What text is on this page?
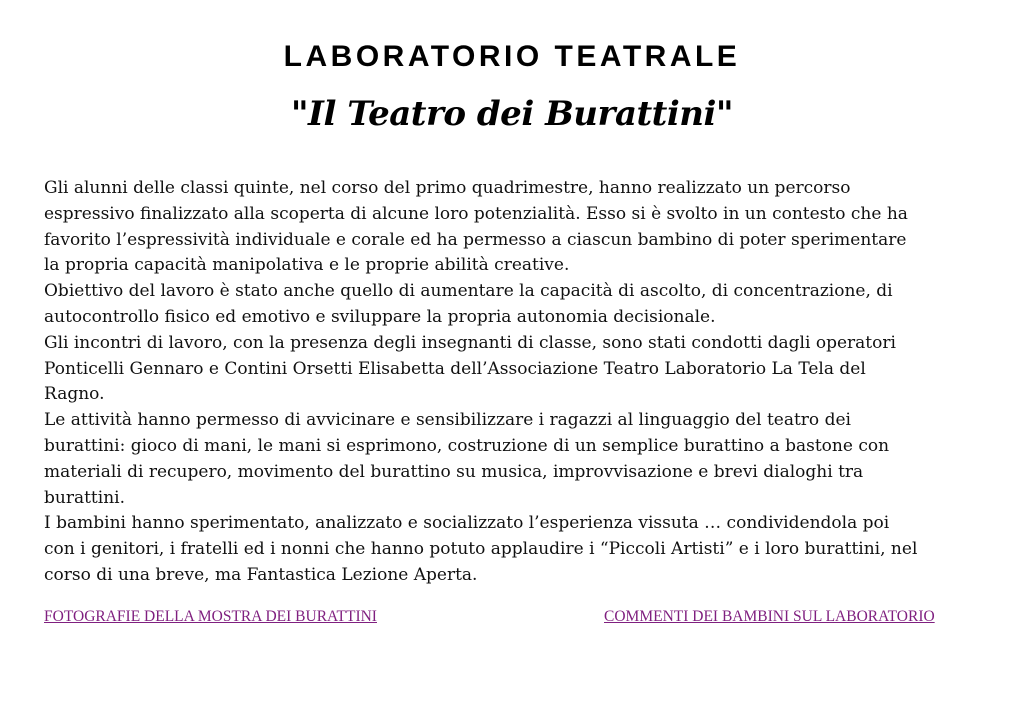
LABORATORIO TEATRALE
"Il Teatro dei Burattini"
Gli alunni delle classi quinte, nel corso del primo quadrimestre, hanno realizzato un percorso
espressivo finalizzato alla scoperta di alcune loro potenzialità. Esso si è svolto in un contesto che ha
favorito l’espressività individuale e corale ed ha permesso a ciascun bambino di poter sperimentare
la propria capacità manipolativa e le proprie abilità creative.
Obiettivo del lavoro è stato anche quello di aumentare la capacità di ascolto, di concentrazione, di
autocontrollo fisico ed emotivo e sviluppare la propria autonomia decisionale.
Gli incontri di lavoro, con la presenza degli insegnanti di classe, sono stati condotti dagli operatori
Ponticelli Gennaro e Contini Orsetti Elisabetta dell’Associazione Teatro Laboratorio La Tela del
Ragno.
Le attività hanno permesso di avvicinare e sensibilizzare i ragazzi al linguaggio del teatro dei
burattini: gioco di mani, le mani si esprimono, costruzione di un semplice burattino a bastone con
materiali di recupero, movimento del burattino su musica, improvvisazione e brevi dialoghi tra
burattini.
I bambini hanno sperimentato, analizzato e socializzato l’esperienza vissuta … condividendola poi
con i genitori, i fratelli ed i nonni che hanno potuto applaudire i “Piccoli Artisti” e i loro burattini, nel
corso di una breve, ma Fantastica Lezione Aperta.
FOTOGRAFIE DELLA MOSTRA DEI BURATTINI	COMMENTI DEI BAMBINI SUL LABORATORIO
